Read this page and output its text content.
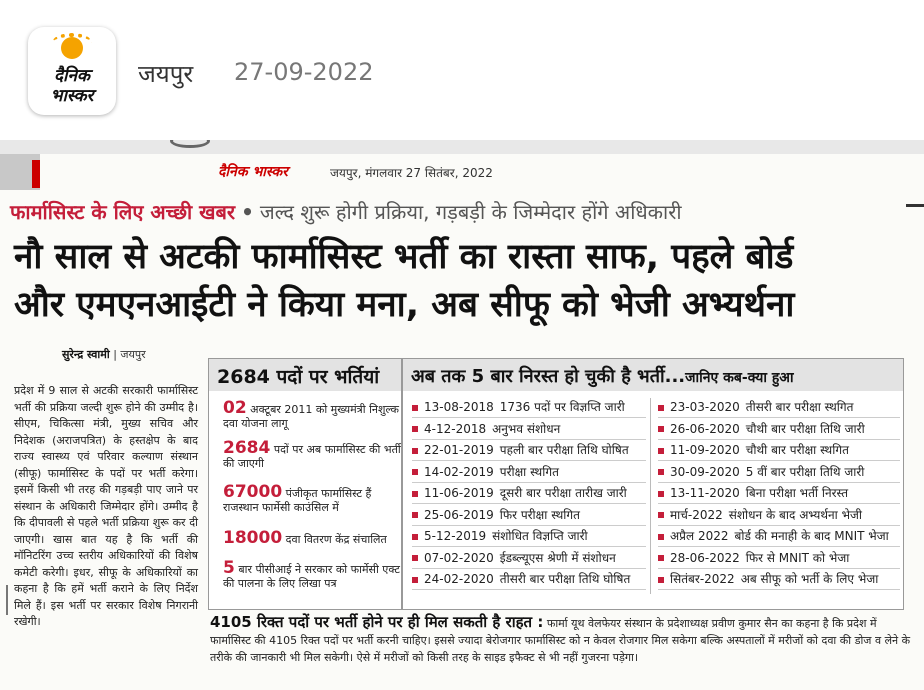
दैनिक
भास्कर
जयपुर 27-09-2022
दैनिक भास्कर	जयपुर, मंगलवार 27 सितंबर, 2022
फार्मासिस्ट के लिए अच्छी खबर • जल्द शुरू होगी प्रक्रिया, गड़बड़ी के जिम्मेदार होंगे अधिकारी
नौ साल से अटकी फार्मासिस्ट भर्ती का रास्ता साफ, पहले बोर्ड
और एमएनआईटी ने किया मना, अब सीफू को भेजी अभ्यर्थना
सुरेन्द्र स्वामी | जयपुर
प्रदेश में 9 साल से अटकी सरकारी फार्मासिस्ट भर्ती की प्रक्रिया जल्दी शुरू होने की उम्मीद है। सीएम, चिकित्सा मंत्री, मुख्य सचिव और निदेशक (अराजपत्रित) के हस्तक्षेप के बाद राज्य स्वास्थ्य एवं परिवार कल्याण संस्थान (सीफू) फार्मासिस्ट के पदों पर भर्ती करेगा। इसमें किसी भी तरह की गड़बड़ी पाए जाने पर संस्थान के अधिकारी जिम्मेदार होंगे। उम्मीद है कि दीपावली से पहले भर्ती प्रक्रिया शुरू कर दी जाएगी। खास बात यह है कि भर्ती की मॉनिटरिंग उच्च स्तरीय अधिकारियों की विशेष कमेटी करेगी। इधर, सीफू के अधिकारियों का कहना है कि हमें भर्ती कराने के लिए निर्देश मिले हैं। इस भर्ती पर सरकार विशेष निगरानी रखेगी।
2684 पदों पर भर्तियां
02 अक्टूबर 2011 को मुख्यमंत्री निशुल्क दवा योजना लागू
2684 पदों पर अब फार्मासिस्ट की भर्ती की जाएगी
67000 पंजीकृत फार्मासिस्ट हैं राजस्थान फार्मेसी काउंसिल में
18000 दवा वितरण केंद्र संचालित
5 बार पीसीआई ने सरकार को फार्मेसी एक्ट की पालना के लिए लिखा पत्र
अब तक 5 बार निरस्त हो चुकी है भर्ती...जानिए कब-क्या हुआ
13-08-2018 1736 पदों पर विज्ञप्ति जारी
4-12-2018 अनुभव संशोधन
22-01-2019 पहली बार परीक्षा तिथि घोषित
14-02-2019 परीक्षा स्थगित
11-06-2019 दूसरी बार परीक्षा तारीख जारी
25-06-2019 फिर परीक्षा स्थगित
5-12-2019 संशोधित विज्ञप्ति जारी
07-02-2020 ईडब्ल्यूएस श्रेणी में संशोधन
24-02-2020 तीसरी बार परीक्षा तिथि घोषित
23-03-2020 तीसरी बार परीक्षा स्थगित
26-06-2020 चौथी बार परीक्षा तिथि जारी
11-09-2020 चौथी बार परीक्षा स्थगित
30-09-2020 5 वीं बार परीक्षा तिथि जारी
13-11-2020 बिना परीक्षा भर्ती निरस्त
मार्च-2022 संशोधन के बाद अभ्यर्थना भेजी
अप्रैल 2022 बोर्ड की मनाही के बाद MNIT भेजा
28-06-2022 फिर से MNIT को भेजा
सितंबर-2022 अब सीफू को भर्ती के लिए भेजा
4105 रिक्त पदों पर भर्ती होने पर ही मिल सकती है राहत : फार्मा यूथ वेलफेयर संस्थान के प्रदेशाध्यक्ष प्रवीण कुमार सैन का कहना है कि प्रदेश में फार्मासिस्ट की 4105 रिक्त पदों पर भर्ती करनी चाहिए। इससे ज्यादा बेरोजगार फार्मासिस्ट को न केवल रोजगार मिल सकेगा बल्कि अस्पतालों में मरीजों को दवा की डोज व लेने के तरीके की जानकारी भी मिल सकेगी। ऐसे में मरीजों को किसी तरह के साइड इफैक्ट से भी नहीं गुजरना पड़ेगा।
